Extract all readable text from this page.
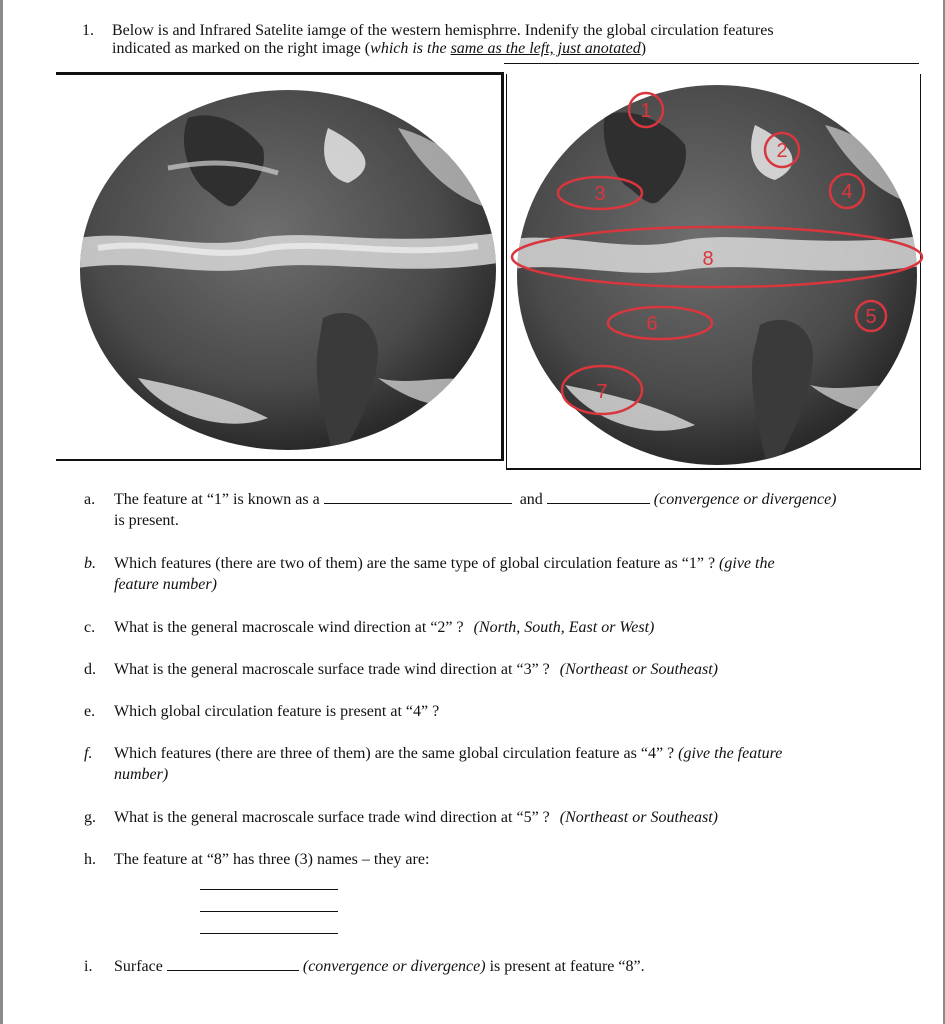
1. Below is and Infrared Satelite iamge of the western hemisphrre. Indenify the global circulation features
indicated as marked on the right image (which is the same as the left, just anotated)
1
2
3	4
5
6
7
8
a. The feature at “1” is known as a	and	(convergence or divergence)
is present.
b. Which features (there are two of them) are the same type of global circulation feature as “1” ? (give the
feature number)
c. What is the general macroscale wind direction at “2” ? (North, South, East or West)
d. What is the general macroscale surface trade wind direction at “3” ? (Northeast or Southeast)
e. Which global circulation feature is present at “4” ?
f. Which features (there are three of them) are the same global circulation feature as “4” ? (give the feature
number)
g. What is the general macroscale surface trade wind direction at “5” ? (Northeast or Southeast)
h. The feature at “8” has three (3) names – they are:
i. Surface	(convergence or divergence) is present at feature “8”.
